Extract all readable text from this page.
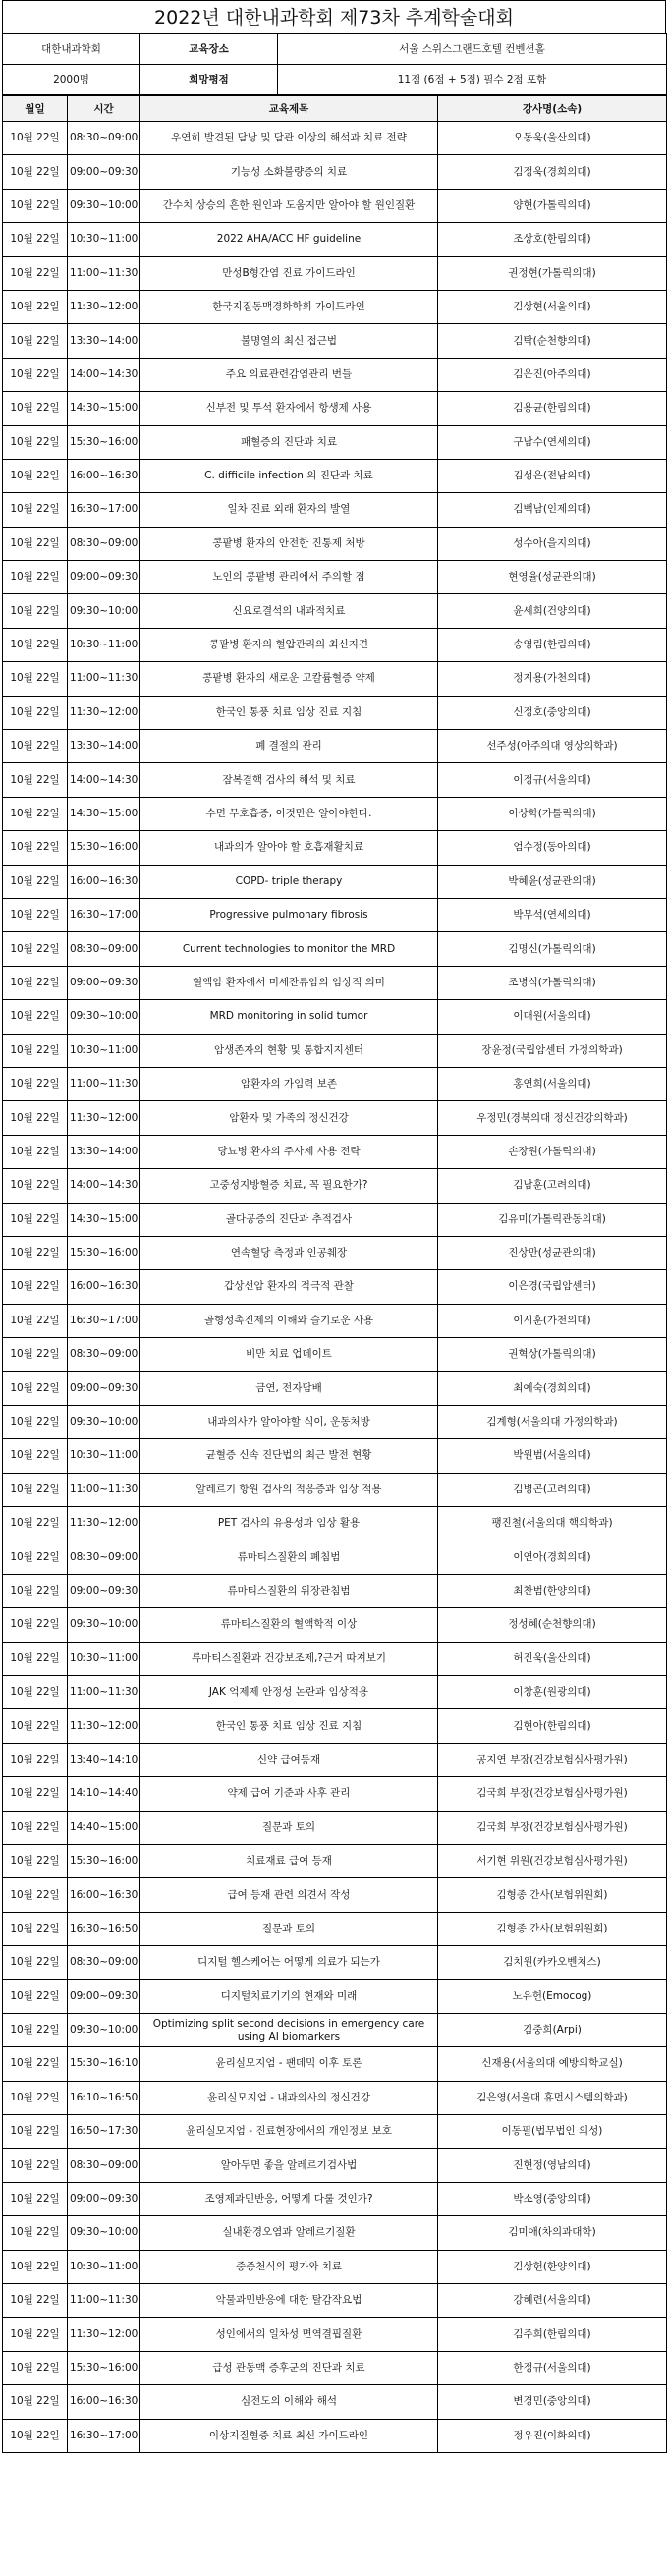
2022년 대한내과학회 제73차 추계학술대회
대한내과학회	교육장소	서울 스위스그랜드호텔 컨벤션홀
2000명	희망평점	11점 (6점 + 5점) 필수 2점 포함
월일	시간	교육제목	강사명(소속)
10월 22일	08:30~09:00	우연히 발견된 담낭 및 담관 이상의 해석과 치료 전략	오동욱(울산의대)
10월 22일	09:00~09:30	기능성 소화불량증의 치료	김정욱(경희의대)
10월 22일	09:30~10:00	간수치 상승의 흔한 원인과 도움지만 알아야 할 원인질환	양현(가톨릭의대)
10월 22일	10:30~11:00	2022 AHA/ACC HF guideline	조상호(한림의대)
10월 22일	11:00~11:30	만성B형간염 진료 가이드라인	권정현(가톨릭의대)
10월 22일	11:30~12:00	한국지질동맥경화학회 가이드라인	김상현(서울의대)
10월 22일	13:30~14:00	불명열의 최신 접근법	김탁(순천향의대)
10월 22일	14:00~14:30	주요 의료관련감염관리 번들	김은진(아주의대)
10월 22일	14:30~15:00	신부전 및 투석 환자에서 항생제 사용	김용균(한림의대)
10월 22일	15:30~16:00	패혈증의 진단과 치료	구남수(연세의대)
10월 22일	16:00~16:30	C. difficile infection 의 진단과 치료	김성은(전남의대)
10월 22일	16:30~17:00	일차 진료 외래 환자의 발열	김백남(인제의대)
10월 22일	08:30~09:00	콩팥병 환자의 안전한 진통제 처방	성수아(을지의대)
10월 22일	09:00~09:30	노인의 콩팥병 관리에서 주의할 점	현영율(성균관의대)
10월 22일	09:30~10:00	신요로결석의 내과적치료	윤세희(건양의대)
10월 22일	10:30~11:00	콩팥병 환자의 혈압관리의 최신지견	송영림(한림의대)
10월 22일	11:00~11:30	콩팥병 환자의 새로운 고칼륨혈증 약제	정지용(가천의대)
10월 22일	11:30~12:00	한국인 통풍 치료 임상 진료 지침	신정호(중앙의대)
10월 22일	13:30~14:00	폐 결절의 관리	선주성(아주의대 영상의학과)
10월 22일	14:00~14:30	잠복결핵 검사의 해석 및 치료	이정규(서울의대)
10월 22일	14:30~15:00	수면 무호흡증, 이것만은 알아야한다.	이상학(가톨릭의대)
10월 22일	15:30~16:00	내과의가 알아야 할 호흡재활치료	엄수정(동아의대)
10월 22일	16:00~16:30	COPD- triple therapy	박혜윤(성균관의대)
10월 22일	16:30~17:00	Progressive pulmonary fibrosis	박무석(연세의대)
10월 22일	08:30~09:00	Current technologies to monitor the MRD	김명신(가톨릭의대)
10월 22일	09:00~09:30	혈액암 환자에서 미세잔류암의 임상적 의미	조병식(가톨릭의대)
10월 22일	09:30~10:00	MRD monitoring in solid tumor	이대원(서울의대)
10월 22일	10:30~11:00	암생존자의 현황 및 통합지지센터	장윤정(국립암센터 가정의학과)
10월 22일	11:00~11:30	암환자의 가임력 보존	홍연희(서울의대)
10월 22일	11:30~12:00	암환자 및 가족의 정신건강	우정민(경북의대 정신건강의학과)
10월 22일	13:30~14:00	당뇨병 환자의 주사제 사용 전략	손장원(가톨릭의대)
10월 22일	14:00~14:30	고중성지방혈증 치료, 꼭 필요한가?	김남훈(고려의대)
10월 22일	14:30~15:00	골다공증의 진단과 추적검사	김유미(가톨릭관동의대)
10월 22일	15:30~16:00	연속혈당 측정과 인공췌장	진상만(성균관의대)
10월 22일	16:00~16:30	갑상선암 환자의 적극적 관찰	이은경(국립암센터)
10월 22일	16:30~17:00	골형성촉진제의 이해와 슬기로운 사용	이시훈(가천의대)
10월 22일	08:30~09:00	비만 치료 업데이트	권혁상(가톨릭의대)
10월 22일	09:00~09:30	금연, 전자담배	최예숙(경희의대)
10월 22일	09:30~10:00	내과의사가 알아야할 식이, 운동처방	김계형(서울의대 가정의학과)
10월 22일	10:30~11:00	균혈증 신속 진단법의 최근 발전 현황	박원범(서울의대)
10월 22일	11:00~11:30	알레르기 항원 검사의 적응증과 임상 적용	김병곤(고려의대)
10월 22일	11:30~12:00	PET 검사의 유용성과 임상 활용	팽진철(서울의대 핵의학과)
10월 22일	08:30~09:00	류마티스질환의 폐침범	이연아(경희의대)
10월 22일	09:00~09:30	류마티스질환의 위장관침범	최찬범(한양의대)
10월 22일	09:30~10:00	류마티스질환의 혈액학적 이상	정성혜(순천향의대)
10월 22일	10:30~11:00	류마티스질환과 건강보조제,?근거 따져보기	허진욱(울산의대)
10월 22일	11:00~11:30	JAK 억제제 안정성 논란과 임상적용	이창훈(원광의대)
10월 22일	11:30~12:00	한국인 통풍 치료 임상 진료 지침	김현아(한림의대)
10월 22일	13:40~14:10	신약 급여등재	공지연 부장(건강보험심사평가원)
10월 22일	14:10~14:40	약제 급여 기준과 사후 관리	김국희 부장(건강보험심사평가원)
10월 22일	14:40~15:00	질문과 토의	김국희 부장(건강보험심사평가원)
10월 22일	15:30~16:00	치료재료 급여 등재	서기현 위원(건강보험심사평가원)
10월 22일	16:00~16:30	급여 등재 관련 의견서 작성	김형종 간사(보험위원회)
10월 22일	16:30~16:50	질문과 토의	김형종 간사(보험위원회)
10월 22일	08:30~09:00	디지털 헬스케어는 어떻게 의료가 되는가	김치원(카카오벤처스)
10월 22일	09:00~09:30	디지털치료기기의 현재와 미래	노유헌(Emocog)
10월 22일	09:30~10:00	Optimizing split second decisions in emergency care using AI biomarkers	김중희(Arpi)
10월 22일	15:30~16:10	윤리실모지엄 - 팬데믹 이후 토론	신재용(서울의대 예방의학교실)
10월 22일	16:10~16:50	윤리실모지엄 - 내과의사의 정신건강	김은영(서울대 휴먼시스템의학과)
10월 22일	16:50~17:30	윤리실모지엄 - 진료현장에서의 개인정보 보호	이동필(법무법인 의성)
10월 22일	08:30~09:00	알아두면 좋을 알레르기검사법	진현정(영남의대)
10월 22일	09:00~09:30	조영제과민반응, 어떻게 다룰 것인가?	박소영(중앙의대)
10월 22일	09:30~10:00	실내환경오염과 알레르기질환	김미애(차의과대학)
10월 22일	10:30~11:00	중증천식의 평가와 치료	김상헌(한양의대)
10월 22일	11:00~11:30	악물과민반응에 대한 탈감작요법	강혜련(서울의대)
10월 22일	11:30~12:00	성인에서의 일차성 면역결핍질환	김주희(한림의대)
10월 22일	15:30~16:00	급성 관동맥 증후군의 진단과 치료	한정규(서울의대)
10월 22일	16:00~16:30	심전도의 이해와 해석	변경민(중앙의대)
10월 22일	16:30~17:00	이상지질혈증 치료 최신 가이드라인	정우진(이화의대)
